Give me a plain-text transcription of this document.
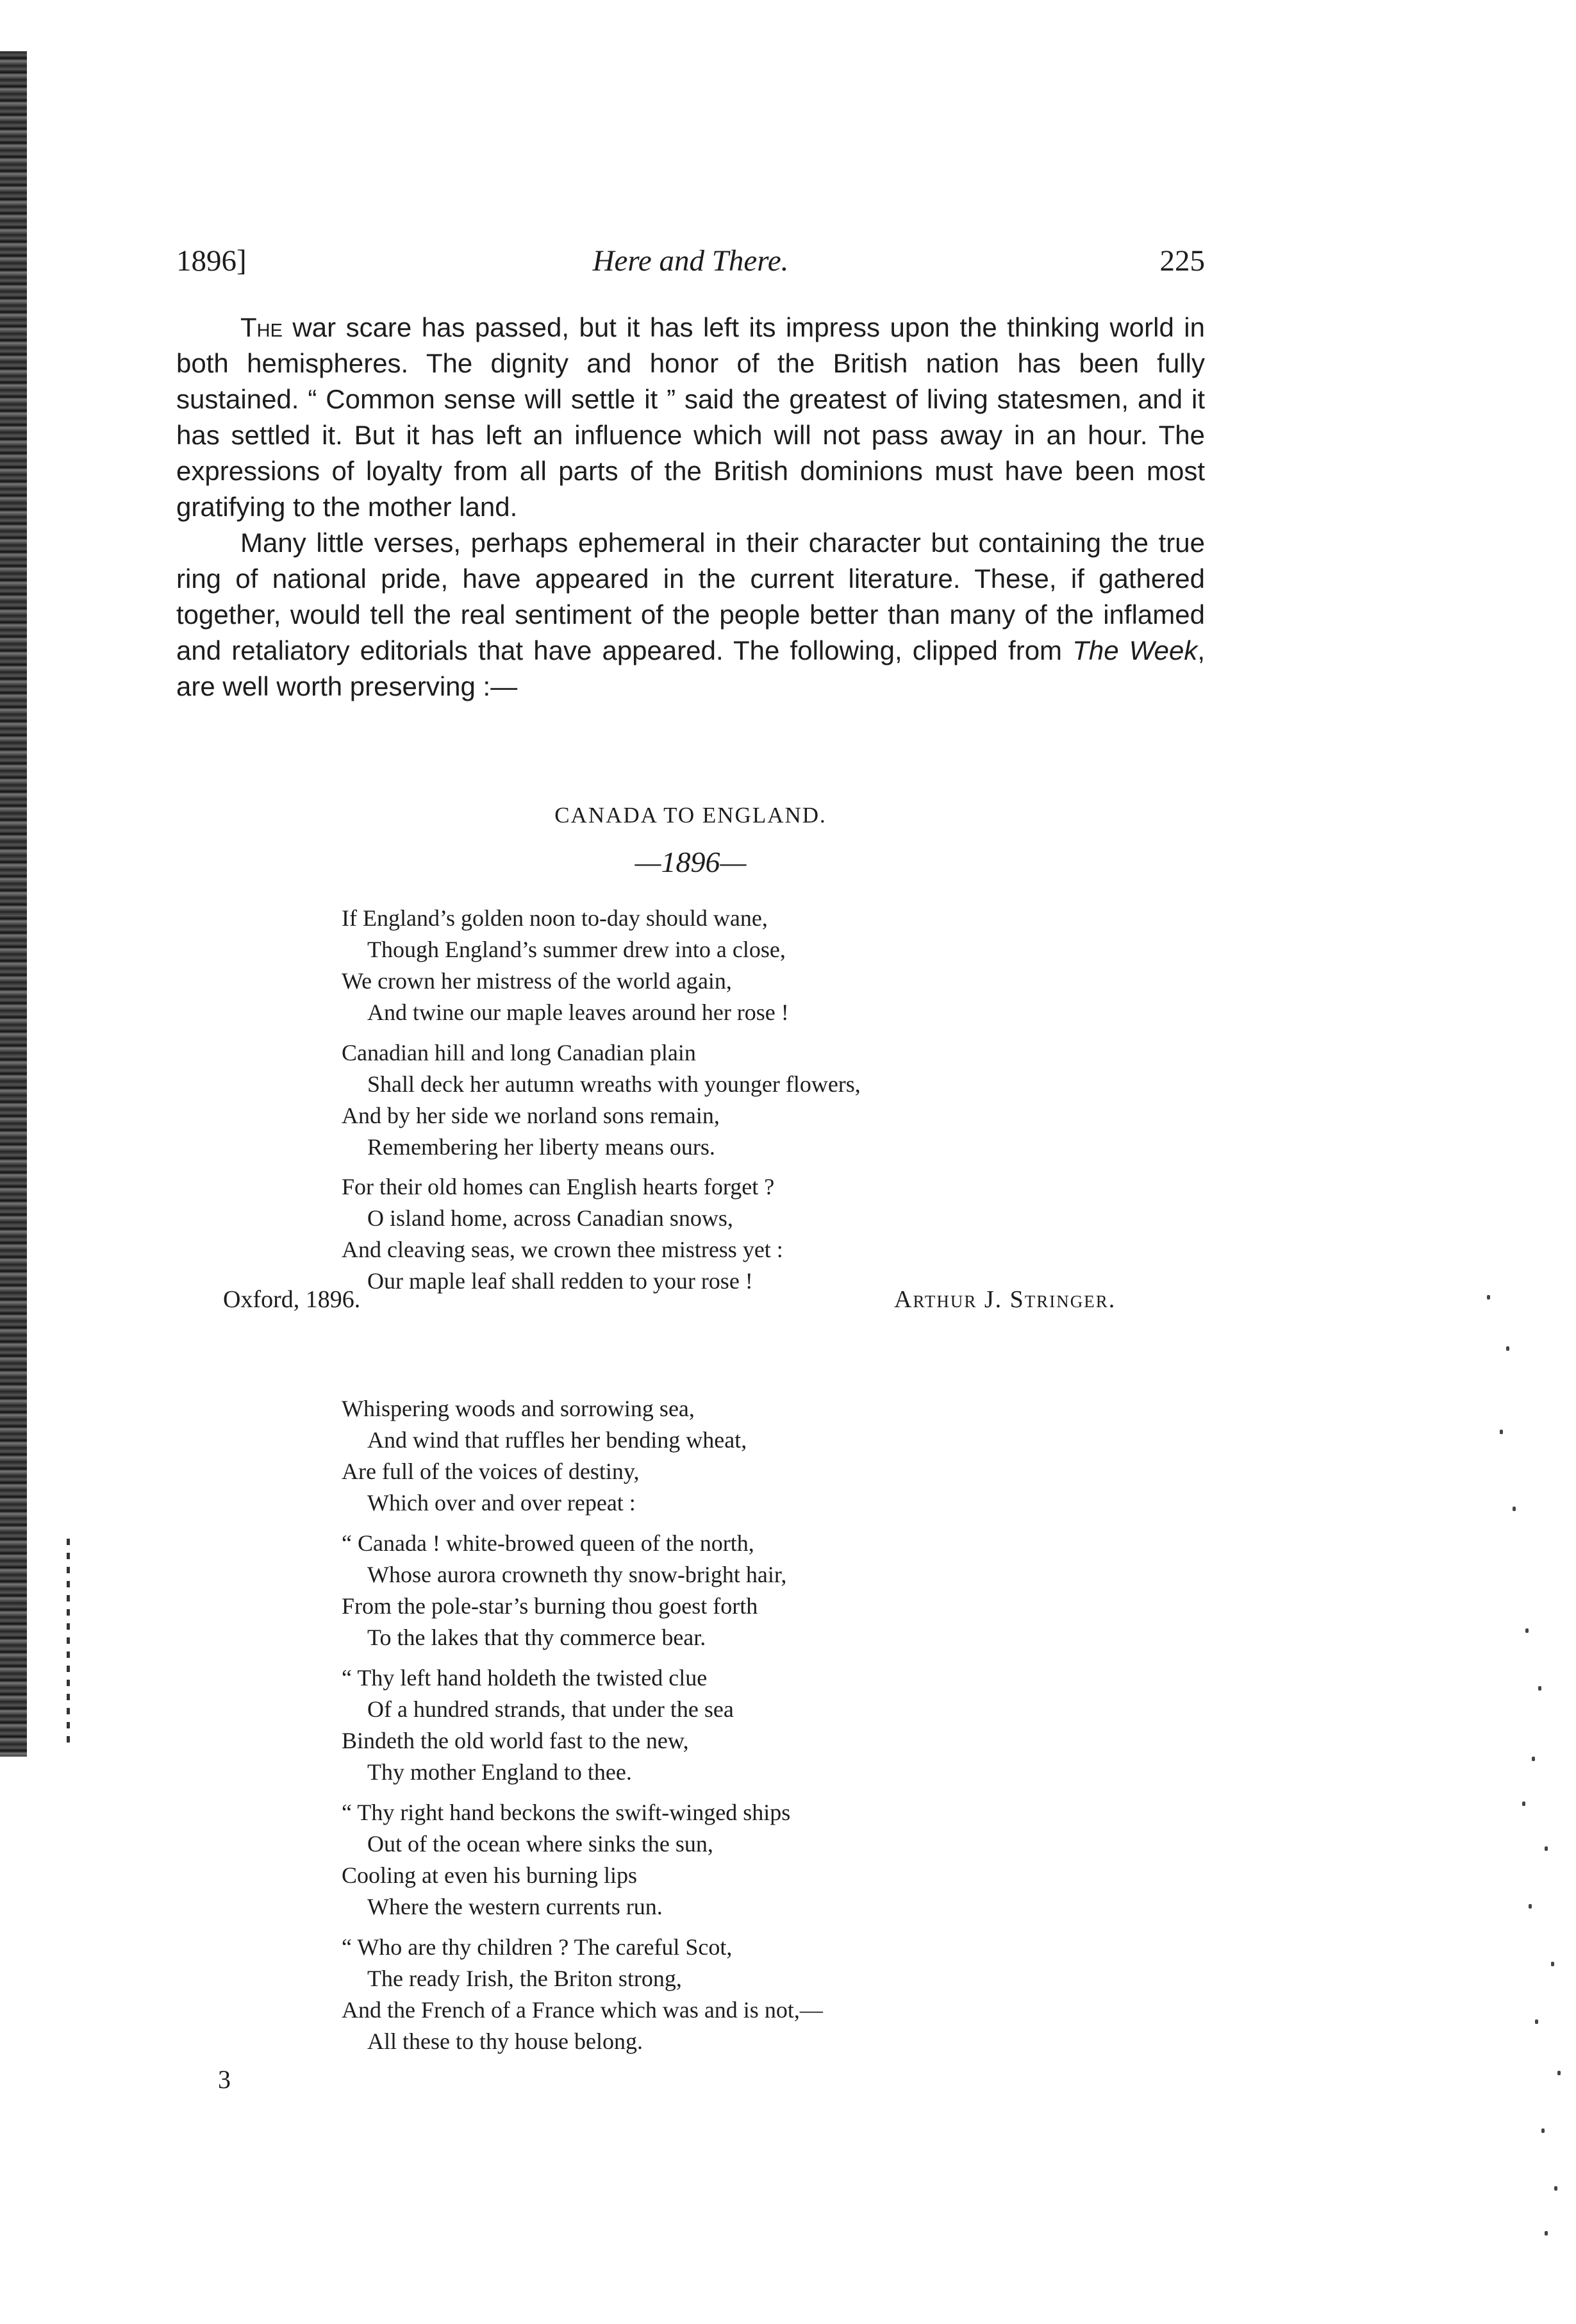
1896]	Here and There.	225

The war scare has passed, but it has left its impress upon the thinking world in both hemispheres. The dignity and honor of the British nation has been fully sustained. “ Common sense will settle it ” said the greatest of living statesmen, and it has settled it. But it has left an influence which will not pass away in an hour. The expressions of loyalty from all parts of the British dominions must have been most gratifying to the mother land.

Many little verses, perhaps ephemeral in their character but containing the true ring of national pride, have appeared in the current literature. These, if gathered together, would tell the real sentiment of the people better than many of the inflamed and retaliatory editorials that have appeared. The following, clipped from The Week, are well worth preserving :—

CANADA TO ENGLAND.
—1896—
If England’s golden noon to-day should wane,
Though England’s summer drew into a close,
We crown her mistress of the world again,
And twine our maple leaves around her rose !
Canadian hill and long Canadian plain
Shall deck her autumn wreaths with younger flowers,
And by her side we norland sons remain,
Remembering her liberty means ours.
For their old homes can English hearts forget ?
O island home, across Canadian snows,
And cleaving seas, we crown thee mistress yet :
Our maple leaf shall redden to your rose !
Oxford, 1896.	Arthur J. Stringer.
Whispering woods and sorrowing sea,
And wind that ruffles her bending wheat,
Are full of the voices of destiny,
Which over and over repeat :
“ Canada ! white-browed queen of the north,
Whose aurora crowneth thy snow-bright hair,
From the pole-star’s burning thou goest forth
To the lakes that thy commerce bear.
“ Thy left hand holdeth the twisted clue
Of a hundred strands, that under the sea
Bindeth the old world fast to the new,
Thy mother England to thee.
“ Thy right hand beckons the swift-winged ships
Out of the ocean where sinks the sun,
Cooling at even his burning lips
Where the western currents run.
“ Who are thy children ? The careful Scot,
The ready Irish, the Briton strong,
And the French of a France which was and is not,—
All these to thy house belong.
3
